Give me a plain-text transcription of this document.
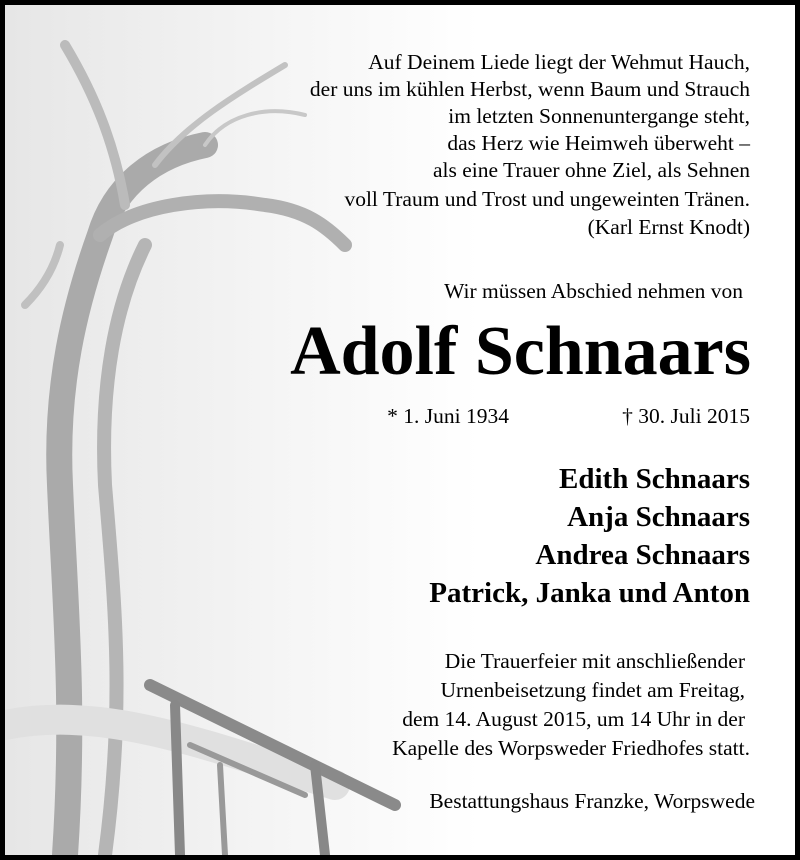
Auf Deinem Liede liegt der Wehmut Hauch,
der uns im kühlen Herbst, wenn Baum und Strauch
im letzten Sonnenuntergange steht,
das Herz wie Heimweh überweht –
als eine Trauer ohne Ziel, als Sehnen
voll Traum und Trost und ungeweinten Tränen.
(Karl Ernst Knodt)
Wir müssen Abschied nehmen von
Adolf Schnaars
* 1. Juni 1934	† 30. Juli 2015
Edith Schnaars
Anja Schnaars
Andrea Schnaars
Patrick, Janka und Anton
Die Trauerfeier mit anschließender
Urnenbeisetzung findet am Freitag,
dem 14. August 2015, um 14 Uhr in der
Kapelle des Worpsweder Friedhofes statt.
Bestattungshaus Franzke, Worpswede
